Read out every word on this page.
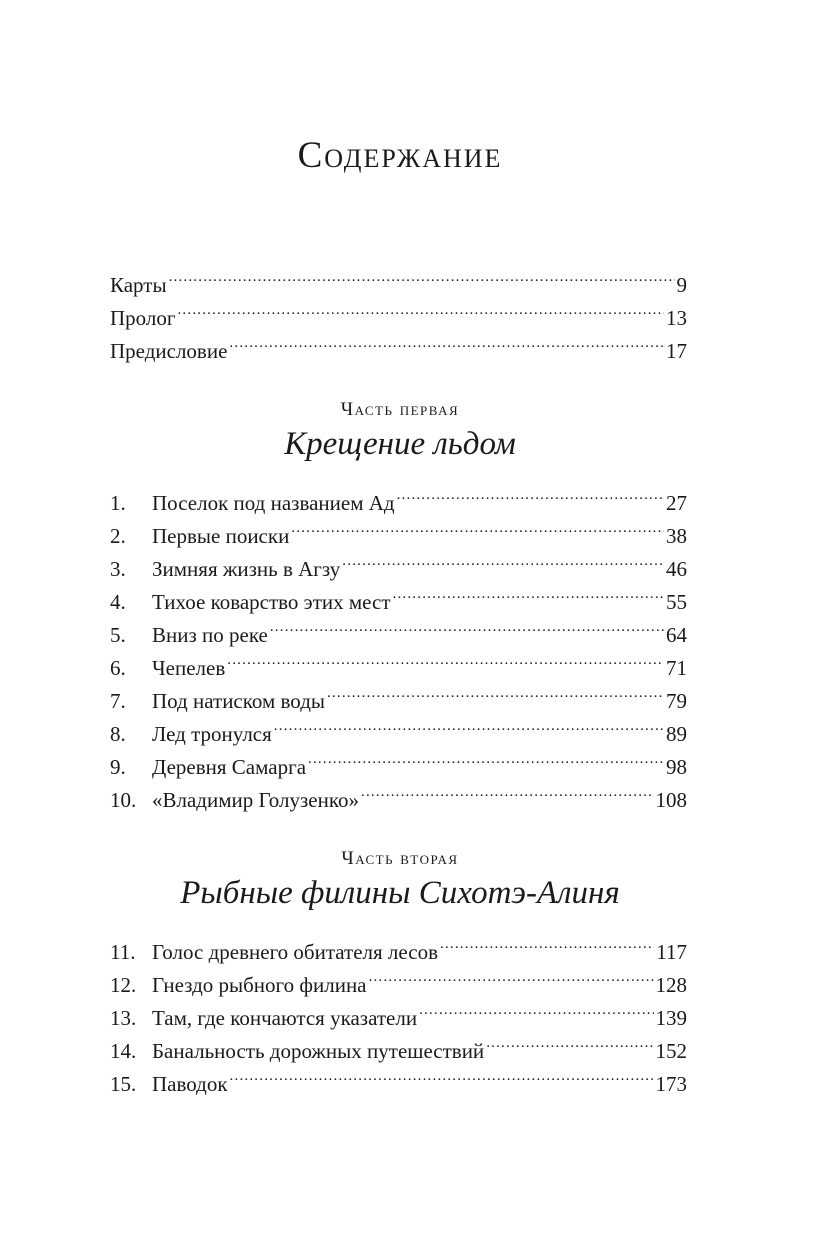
Содержание
Карты .....	9
Пролог .....	13
Предисловие .....	17
Часть первая
Крещение льдом
1.	Поселок под названием Ад .....	27
2.	Первые поиски .....	38
3.	Зимняя жизнь в Агзу .....	46
4.	Тихое коварство этих мест .....	55
5.	Вниз по реке .....	64
6.	Чепелев .....	71
7.	Под натиском воды .....	79
8.	Лед тронулся .....	89
9.	Деревня Самарга .....	98
10. «Владимир Голузенко» .....	108
Часть вторая
Рыбные филины Сихотэ-Алиня
11. Голос древнего обитателя лесов .....	117
12. Гнездо рыбного филина .....	128
13. Там, где кончаются указатели .....	139
14. Банальность дорожных путешествий .....	152
15. Паводок .....	173
